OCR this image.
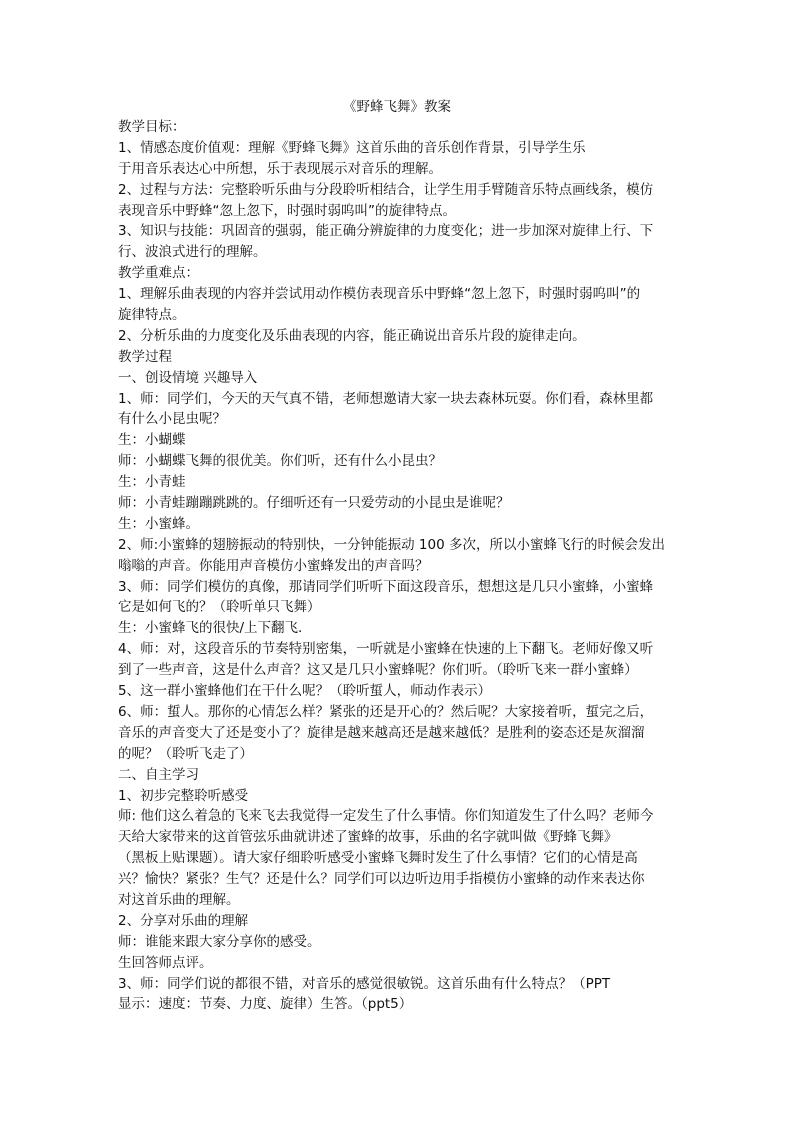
《野蜂飞舞》教案
教学目标：
1、情感态度价值观：理解《野蜂飞舞》这首乐曲的音乐创作背景，引导学生乐
于用音乐表达心中所想，乐于表现展示对音乐的理解。
2、过程与方法：完整聆听乐曲与分段聆听相结合，让学生用手臂随音乐特点画线条，模仿
表现音乐中野蜂“忽上忽下，时强时弱呜叫”的旋律特点。
3、知识与技能：巩固音的强弱，能正确分辨旋律的力度变化；进一步加深对旋律上行、下
行、波浪式进行的理解。
教学重难点：
1、理解乐曲表现的内容并尝试用动作模仿表现音乐中野蜂“忽上忽下，时强时弱呜叫”的
旋律特点。
2、分析乐曲的力度变化及乐曲表现的内容，能正确说出音乐片段的旋律走向。
教学过程
一、创设情境 兴趣导入
1、师：同学们，今天的天气真不错，老师想邀请大家一块去森林玩耍。你们看，森林里都
有什么小昆虫呢？
生：小蝴蝶
师：小蝴蝶飞舞的很优美。你们听，还有什么小昆虫？
生：小青蛙
师：小青蛙蹦蹦跳跳的。仔细听还有一只爱劳动的小昆虫是谁呢？
生：小蜜蜂。
2、师:小蜜蜂的翅膀振动的特别快，一分钟能振动 100 多次，所以小蜜蜂飞行的时候会发出
嗡嗡的声音。你能用声音模仿小蜜蜂发出的声音吗？
3、师：同学们模仿的真像，那请同学们听听下面这段音乐，想想这是几只小蜜蜂，小蜜蜂
它是如何飞的？（聆听单只飞舞）
生：小蜜蜂飞的很快/上下翻飞.
4、师：对，这段音乐的节奏特别密集，一听就是小蜜蜂在快速的上下翻飞。老师好像又听
到了一些声音，这是什么声音？这又是几只小蜜蜂呢？你们听。（聆听飞来一群小蜜蜂）
5、这一群小蜜蜂他们在干什么呢？（聆听蜇人，师动作表示）
6、师：蜇人。那你的心情怎么样？紧张的还是开心的？然后呢？大家接着听，蜇完之后，
音乐的声音变大了还是变小了？旋律是越来越高还是越来越低？是胜利的姿态还是灰溜溜
的呢？（聆听飞走了）
二、自主学习
1、初步完整聆听感受
师: 他们这么着急的飞来飞去我觉得一定发生了什么事情。你们知道发生了什么吗？老师今
天给大家带来的这首管弦乐曲就讲述了蜜蜂的故事，乐曲的名字就叫做《野蜂飞舞》
（黑板上贴课题）。请大家仔细聆听感受小蜜蜂飞舞时发生了什么事情？它们的心情是高
兴？愉快？紧张？生气？还是什么？同学们可以边听边用手指模仿小蜜蜂的动作来表达你
对这首乐曲的理解。
2、分享对乐曲的理解
师：谁能来跟大家分享你的感受。
生回答师点评。
3、师：同学们说的都很不错，对音乐的感觉很敏锐。这首乐曲有什么特点？（PPT
显示：速度：节奏、力度、旋律）生答。（ppt5）
